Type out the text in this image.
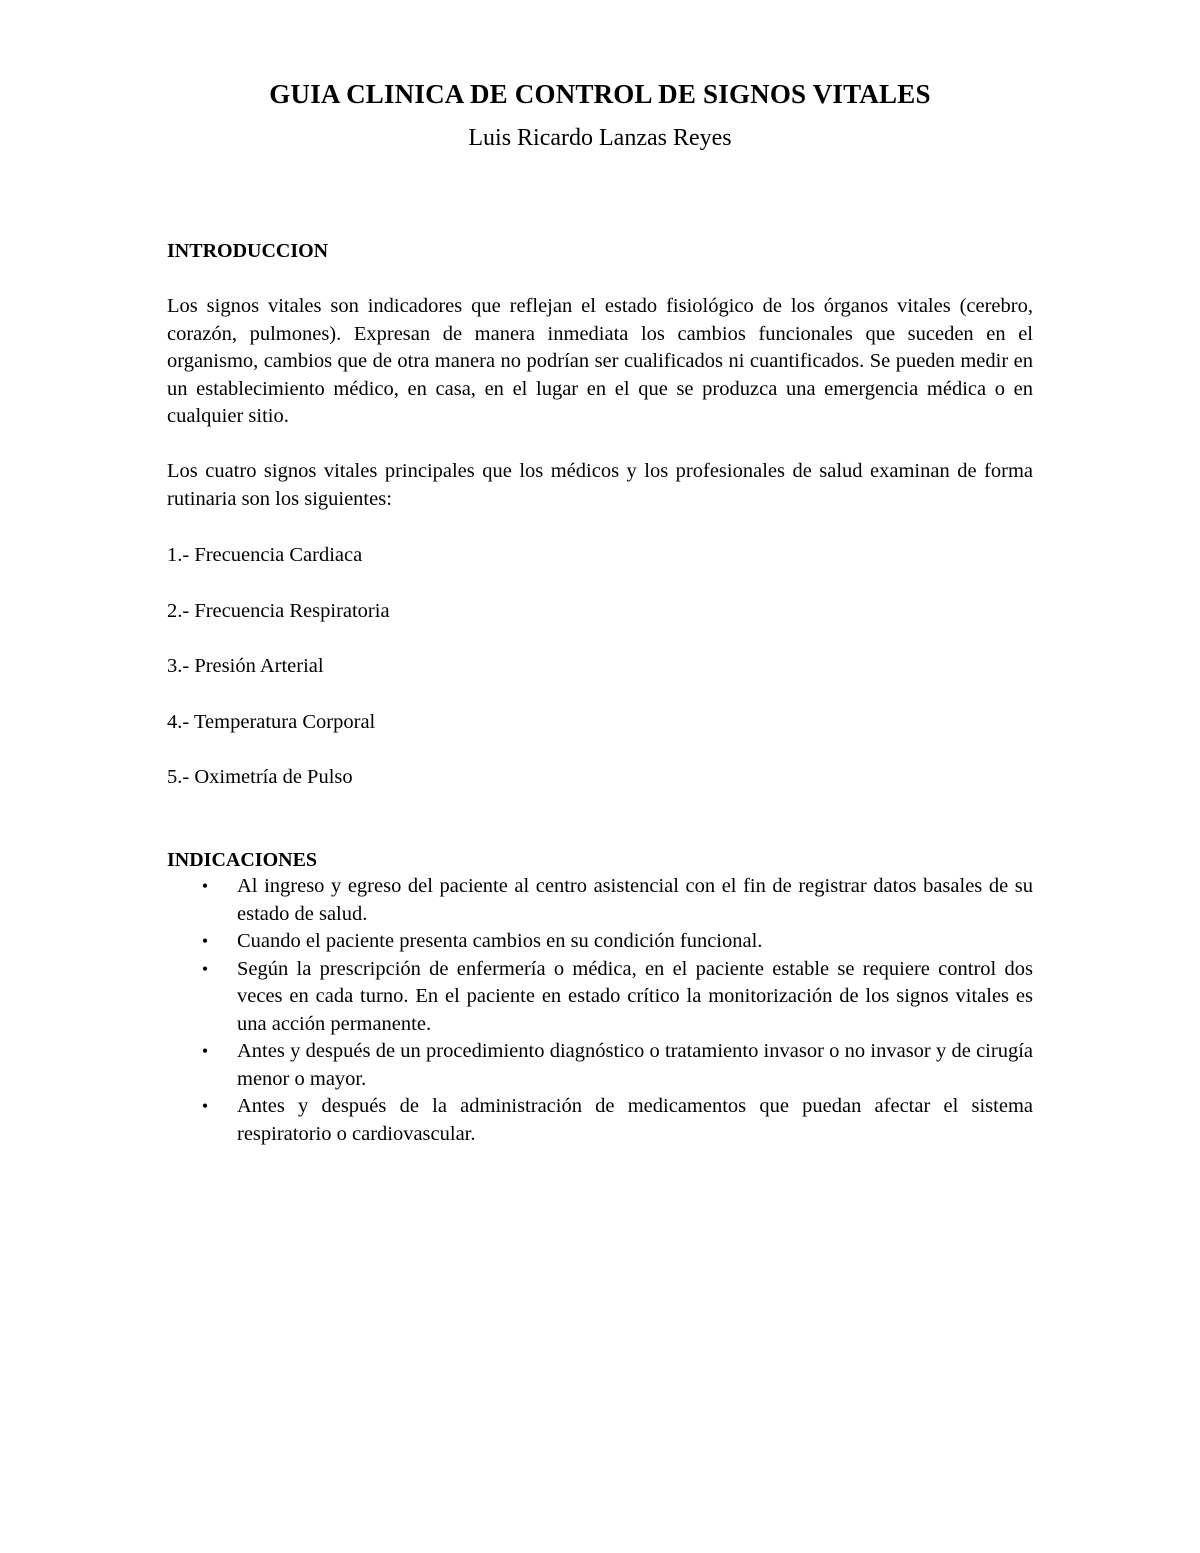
GUIA CLINICA DE CONTROL DE SIGNOS VITALES
Luis Ricardo Lanzas Reyes
INTRODUCCION

Los signos vitales son indicadores que reflejan el estado fisiológico de los órganos vitales (cerebro, corazón, pulmones). Expresan de manera inmediata los cambios funcionales que suceden en el organismo, cambios que de otra manera no podrían ser cualificados ni cuantificados. Se pueden medir en un establecimiento médico, en casa, en el lugar en el que se produzca una emergencia médica o en cualquier sitio.

Los cuatro signos vitales principales que los médicos y los profesionales de salud examinan de forma rutinaria son los siguientes:

1.- Frecuencia Cardiaca
2.- Frecuencia Respiratoria
3.- Presión Arterial
4.- Temperatura Corporal
5.- Oximetría de Pulso
INDICACIONES
• Al ingreso y egreso del paciente al centro asistencial con el fin de registrar datos basales de su estado de salud.
• Cuando el paciente presenta cambios en su condición funcional.
• Según la prescripción de enfermería o médica, en el paciente estable se requiere control dos veces en cada turno. En el paciente en estado crítico la monitorización de los signos vitales es una acción permanente.
• Antes y después de un procedimiento diagnóstico o tratamiento invasor o no invasor y de cirugía menor o mayor.
• Antes y después de la administración de medicamentos que puedan afectar el sistema respiratorio o cardiovascular.
